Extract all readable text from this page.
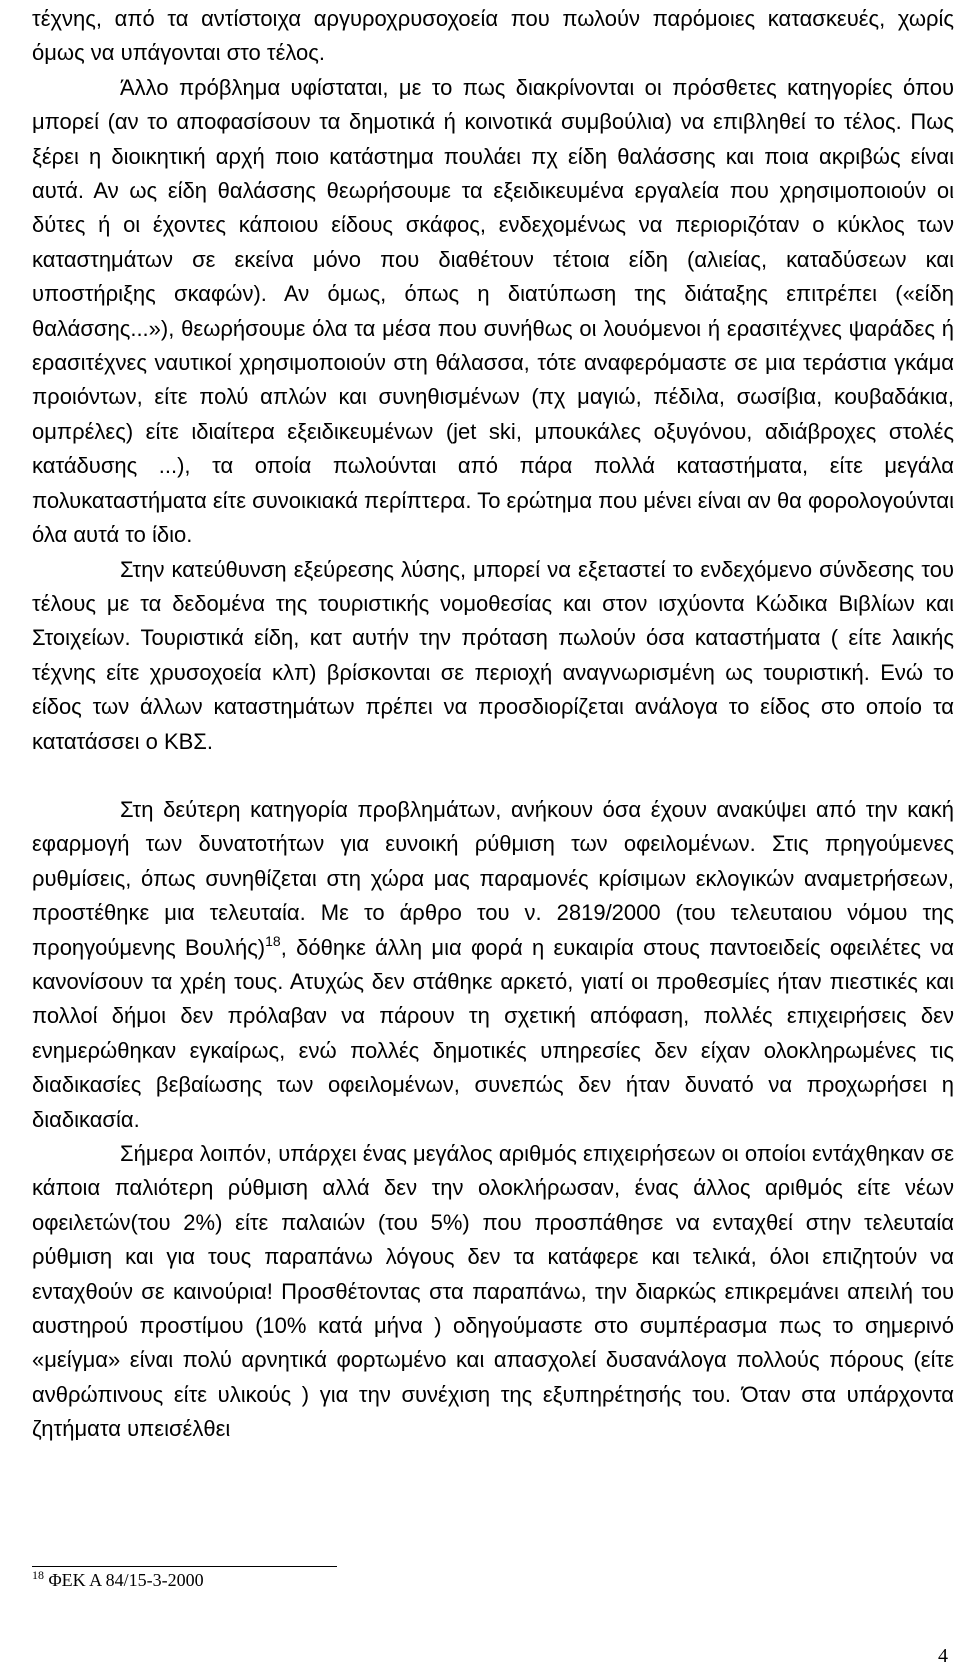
τέχνης, από τα αντίστοιχα αργυροχρυσοχοεία που πωλούν παρόμοιες κατασκευές, χωρίς όμως να υπάγονται στο τέλος.

Άλλο πρόβλημα υφίσταται, με το πως διακρίνονται οι πρόσθετες κατηγορίες όπου μπορεί (αν το αποφασίσουν τα δημοτικά ή κοινοτικά συμβούλια) να επιβληθεί το τέλος. Πως ξέρει η διοικητική αρχή ποιο κατάστημα πουλάει πχ είδη θαλάσσης και ποια ακριβώς είναι αυτά. Αν ως είδη θαλάσσης θεωρήσουμε τα εξειδικευμένα εργαλεία που χρησιμοποιούν οι δύτες ή οι έχοντες κάποιου είδους σκάφος, ενδεχομένως να περιοριζόταν ο κύκλος των καταστημάτων σε εκείνα μόνο που διαθέτουν τέτοια είδη (αλιείας, καταδύσεων και υποστήριξης σκαφών). Αν όμως, όπως η διατύπωση της διάταξης επιτρέπει («είδη θαλάσσης...»), θεωρήσουμε όλα τα μέσα που συνήθως οι λουόμενοι ή ερασιτέχνες ψαράδες ή ερασιτέχνες ναυτικοί χρησιμοποιούν στη θάλασσα, τότε αναφερόμαστε σε μια τεράστια γκάμα προιόντων, είτε πολύ απλών και συνηθισμένων (πχ μαγιώ, πέδιλα, σωσίβια, κουβαδάκια, ομπρέλες) είτε ιδιαίτερα εξειδικευμένων (jet ski, μπουκάλες οξυγόνου, αδιάβροχες στολές κατάδυσης ...), τα οποία πωλούνται από πάρα πολλά καταστήματα, είτε μεγάλα πολυκαταστήματα είτε συνοικιακά περίπτερα. Το ερώτημα που μένει είναι αν θα φορολογούνται όλα αυτά το ίδιο.

Στην κατεύθυνση εξεύρεσης λύσης, μπορεί να εξεταστεί το ενδεχόμενο σύνδεσης του τέλους με τα δεδομένα της τουριστικής νομοθεσίας και στον ισχύοντα Κώδικα Βιβλίων και Στοιχείων. Τουριστικά είδη, κατ αυτήν την πρόταση πωλούν όσα καταστήματα ( είτε λαικής τέχνης είτε χρυσοχοεία κλπ) βρίσκονται σε περιοχή αναγνωρισμένη ως τουριστική. Ενώ το είδος των άλλων καταστημάτων πρέπει να προσδιορίζεται ανάλογα το είδος στο οποίο τα κατατάσσει ο ΚΒΣ.

Στη δεύτερη κατηγορία προβλημάτων, ανήκουν όσα έχουν ανακύψει από την κακή εφαρμογή των δυνατοτήτων για ευνοική ρύθμιση των οφειλομένων. Στις πρηγούμενες ρυθμίσεις, όπως συνηθίζεται στη χώρα μας παραμονές κρίσιμων εκλογικών αναμετρήσεων, προστέθηκε μια τελευταία. Με το άρθρο του ν. 2819/2000 (του τελευταιου νόμου της προηγούμενης Βουλής)$^{18}$, δόθηκε άλλη μια φορά η ευκαιρία στους παντοειδείς οφειλέτες να κανονίσουν τα χρέη τους. Ατυχώς δεν στάθηκε αρκετό, γιατί οι προθεσμίες ήταν πιεστικές και πολλοί δήμοι δεν πρόλαβαν να πάρουν τη σχετική απόφαση, πολλές επιχειρήσεις δεν ενημερώθηκαν εγκαίρως, ενώ πολλές δημοτικές υπηρεσίες δεν είχαν ολοκληρωμένες τις διαδικασίες βεβαίωσης των οφειλομένων, συνεπώς δεν ήταν δυνατό να προχωρήσει η διαδικασία.

Σήμερα λοιπόν, υπάρχει ένας μεγάλος αριθμός επιχειρήσεων οι οποίοι εντάχθηκαν σε κάποια παλιότερη ρύθμιση αλλά δεν την ολοκλήρωσαν, ένας άλλος αριθμός είτε νέων οφειλετών(του 2%) είτε παλαιών (του 5%) που προσπάθησε να ενταχθεί στην τελευταία ρύθμιση και για τους παραπάνω λόγους δεν τα κατάφερε και τελικά, όλοι επιζητούν να ενταχθούν σε καινούρια! Προσθέτοντας στα παραπάνω, την διαρκώς επικρεμάνει απειλή του αυστηρού προστίμου (10% κατά μήνα ) οδηγούμαστε στο συμπέρασμα πως το σημερινό «μείγμα» είναι πολύ αρνητικά φορτωμένο και απασχολεί δυσανάλογα πολλούς πόρους (είτε ανθρώπινους είτε υλικούς ) για την συνέχιση της εξυπηρέτησής του. Όταν στα υπάρχοντα ζητήματα υπεισέλθει

$^{18}$ ΦΕΚ Α 84/15-3-2000
4
